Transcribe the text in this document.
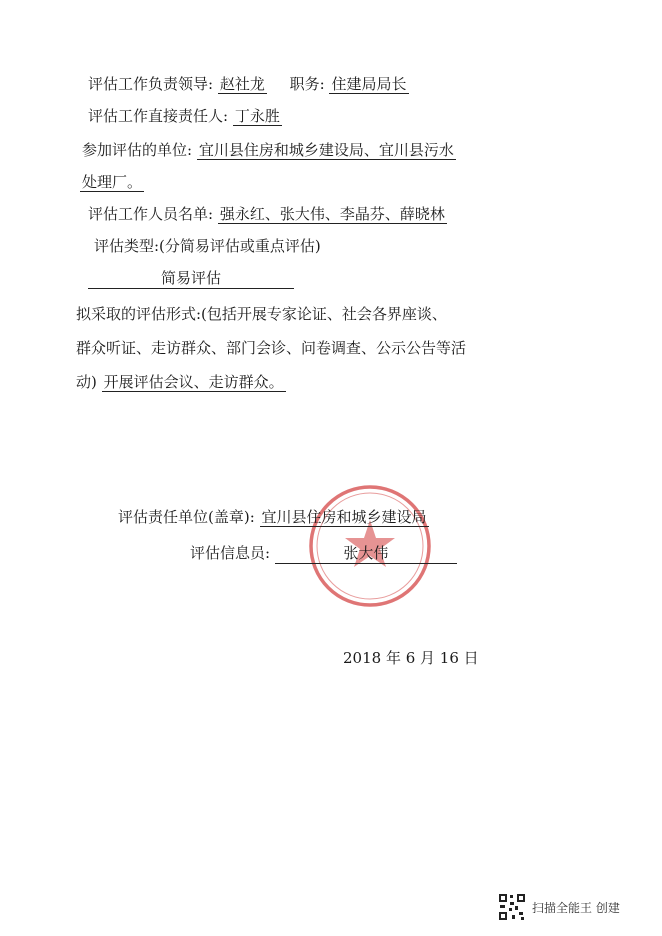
评估工作负责领导: 赵社龙 职务: 住建局局长
评估工作直接责任人: 丁永胜
参加评估的单位: 宜川县住房和城乡建设局、宜川县污水
处理厂。
评估工作人员名单: 强永红、张大伟、李晶芬、薛晓林
评估类型:(分简易评估或重点评估)
简易评估
拟采取的评估形式:(包括开展专家论证、社会各界座谈、
群众听证、走访群众、部门会诊、问卷调查、公示公告等活
动) 开展评估会议、走访群众。
评估责任单位(盖章): 宜川县住房和城乡建设局
评估信息员:	张大伟
2018 年 6 月 16 日
扫描全能王 创建
